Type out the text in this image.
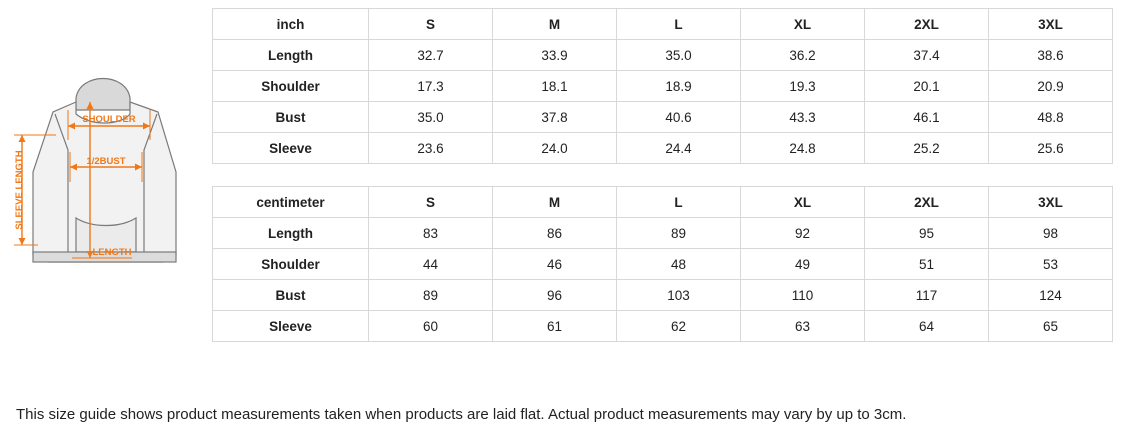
SHOULDER
1/2BUST
SLEEVE LENGTH
LENGTH
inch	S	M	L	XL	2XL	3XL
Length	32.7	33.9	35.0	36.2	37.4	38.6
Shoulder	17.3	18.1	18.9	19.3	20.1	20.9
Bust	35.0	37.8	40.6	43.3	46.1	48.8
Sleeve	23.6	24.0	24.4	24.8	25.2	25.6
centimeter	S	M	L	XL	2XL	3XL
Length	83	86	89	92	95	98
Shoulder	44	46	48	49	51	53
Bust	89	96	103	110	117	124
Sleeve	60	61	62	63	64	65
This size guide shows product measurements taken when products are laid flat. Actual product measurements may vary by up to 3cm.
